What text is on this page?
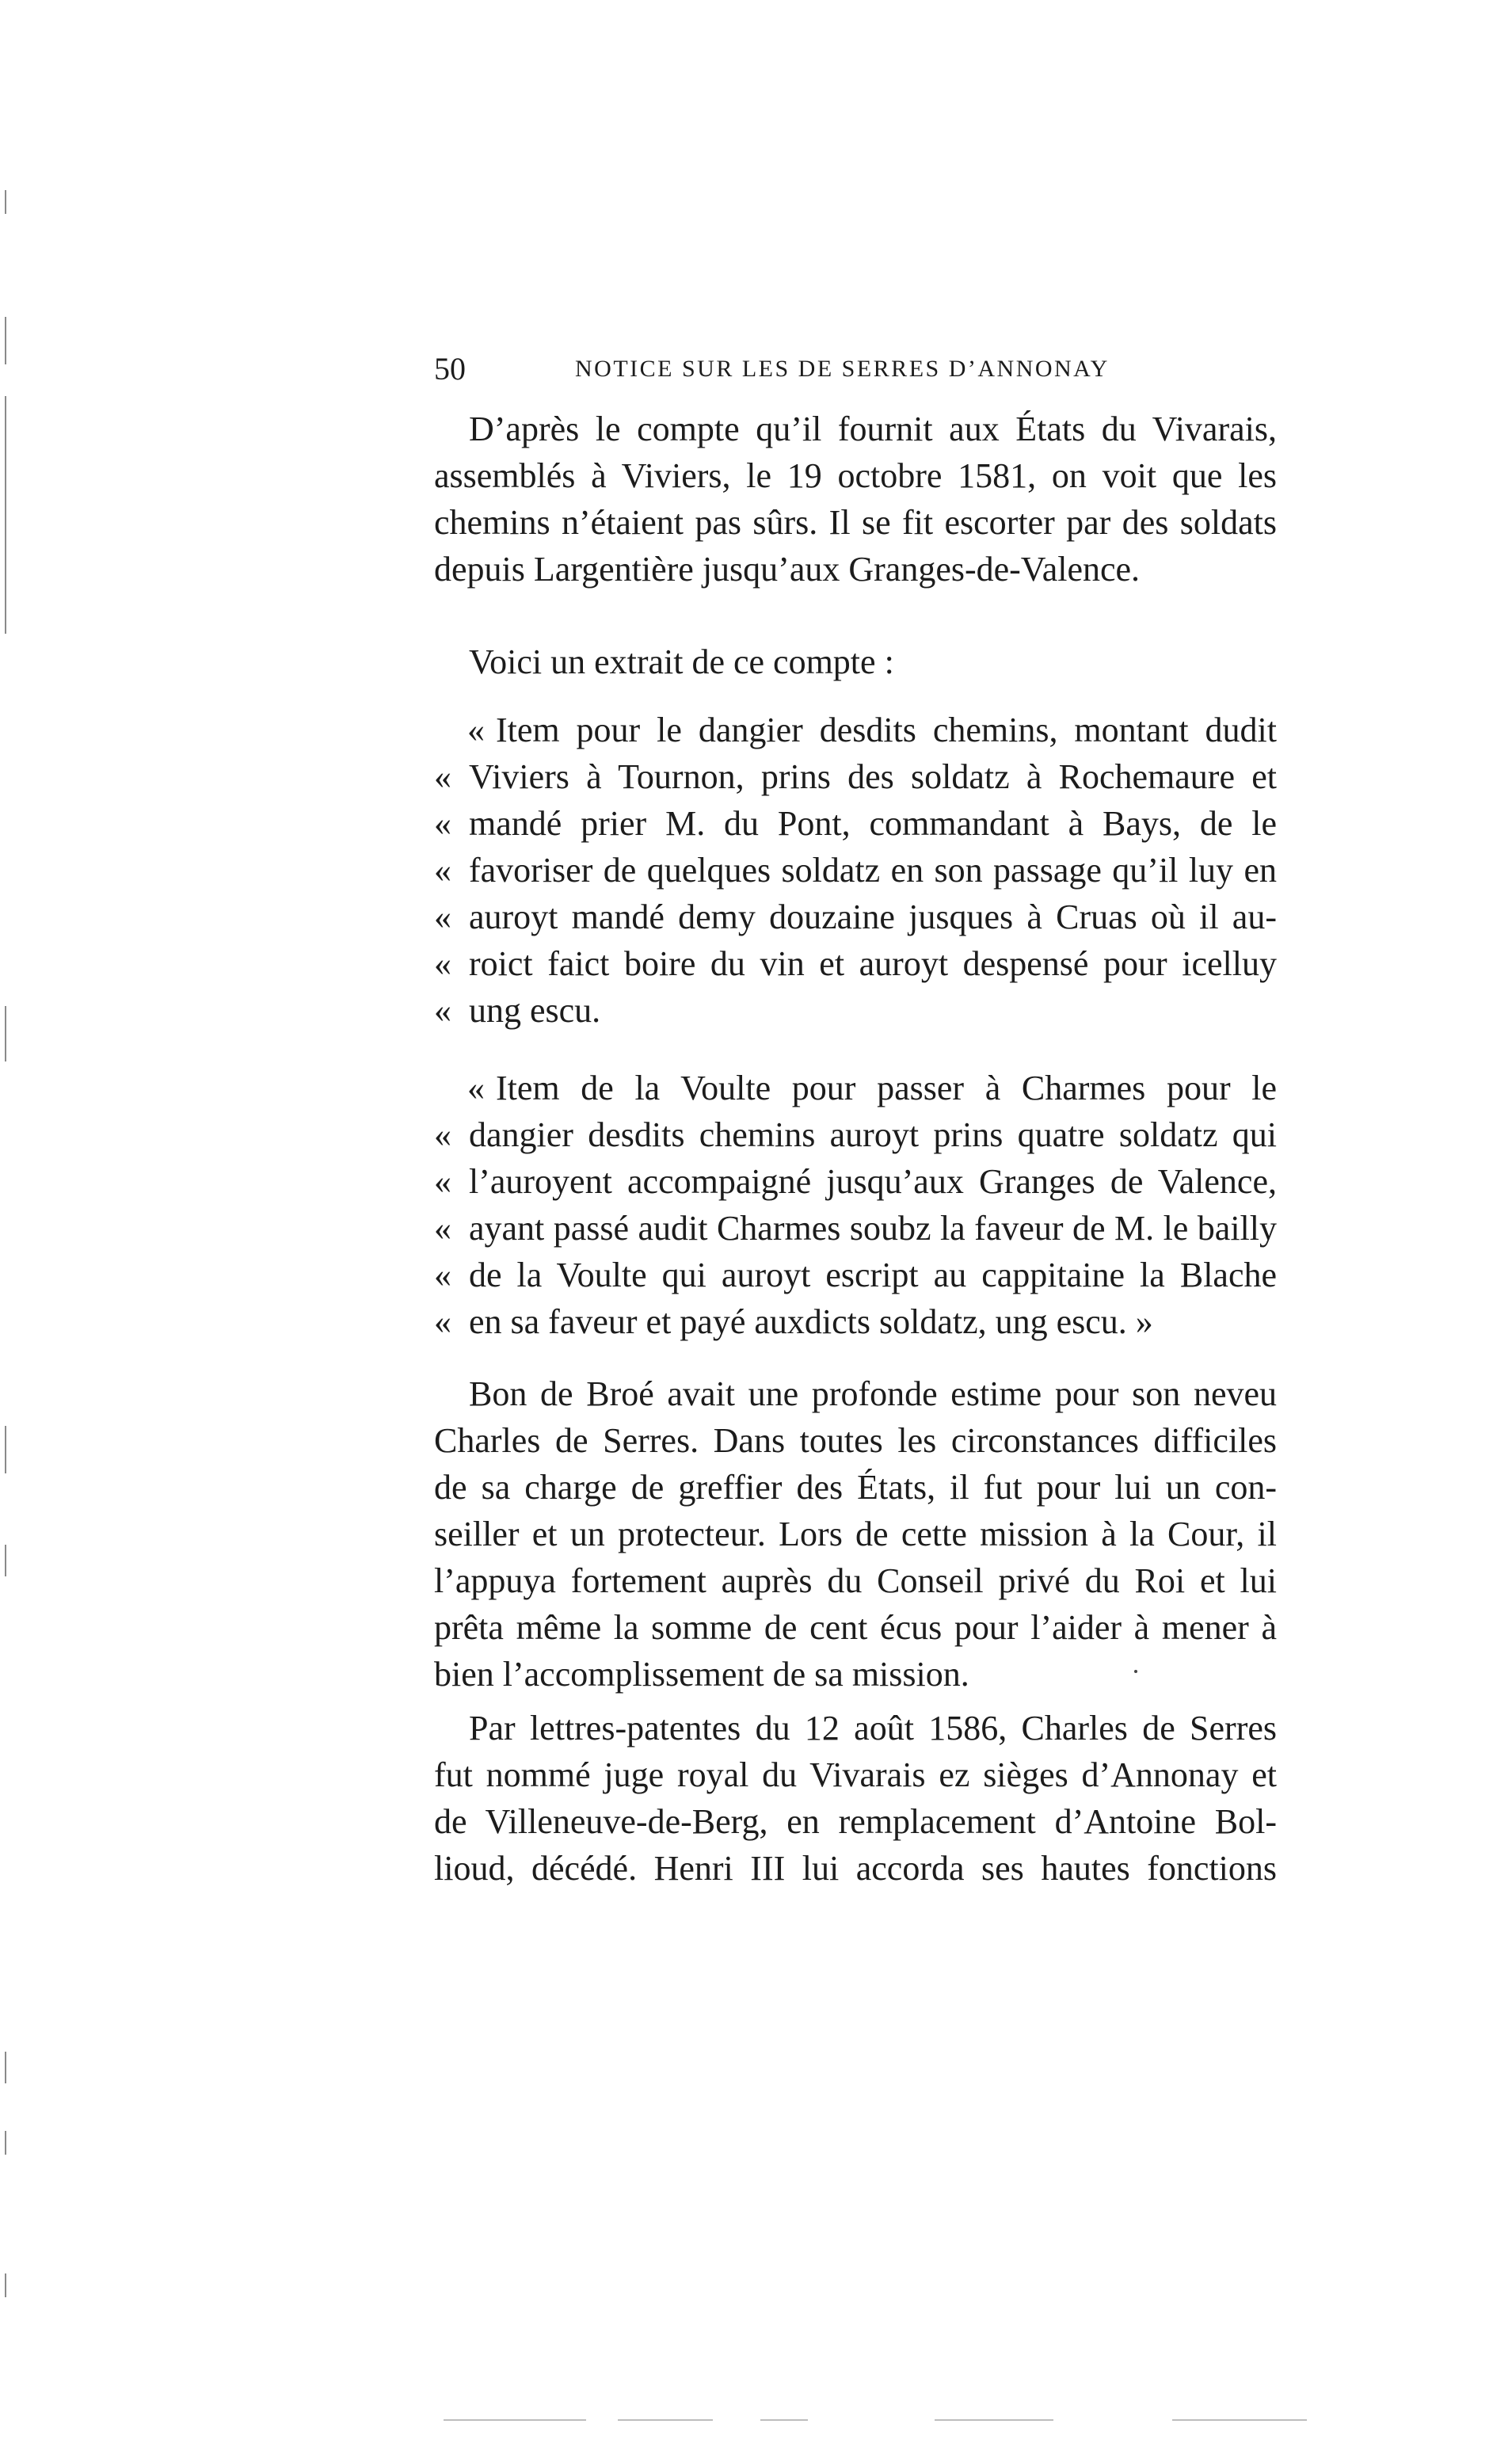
50	NOTICE SUR LES DE SERRES D’ANNONAY

D’après le compte qu’il fournit aux États du Vivarais,
assemblés à Viviers, le 19 octobre 1581, on voit que les
chemins n’étaient pas sûrs. Il se fit escorter par des soldats
depuis Largentière jusqu’aux Granges-de-Valence.

Voici un extrait de ce compte :

« Item pour le dangier desdits chemins, montant dudit
« Viviers à Tournon, prins des soldatz à Rochemaure et
« mandé prier M. du Pont, commandant à Bays, de le
« favoriser de quelques soldatz en son passage qu’il luy en
« auroyt mandé demy douzaine jusques à Cruas où il au-
« roict faict boire du vin et auroyt despensé pour icelluy
« ung escu.

« Item de la Voulte pour passer à Charmes pour le
« dangier desdits chemins auroyt prins quatre soldatz qui
« l’auroyent accompaigné jusqu’aux Granges de Valence,
« ayant passé audit Charmes soubz la faveur de M. le bailly
« de la Voulte qui auroyt escript au cappitaine la Blache
« en sa faveur et payé auxdicts soldatz, ung escu. »

Bon de Broé avait une profonde estime pour son neveu
Charles de Serres. Dans toutes les circonstances difficiles
de sa charge de greffier des États, il fut pour lui un con-
seiller et un protecteur. Lors de cette mission à la Cour, il
l’appuya fortement auprès du Conseil privé du Roi et lui
prêta même la somme de cent écus pour l’aider à mener à
bien l’accomplissement de sa mission.

Par lettres-patentes du 12 août 1586, Charles de Serres
fut nommé juge royal du Vivarais ez sièges d’Annonay et
de Villeneuve-de-Berg, en remplacement d’Antoine Bol-
lioud, décédé. Henri III lui accorda ses hautes fonctions
